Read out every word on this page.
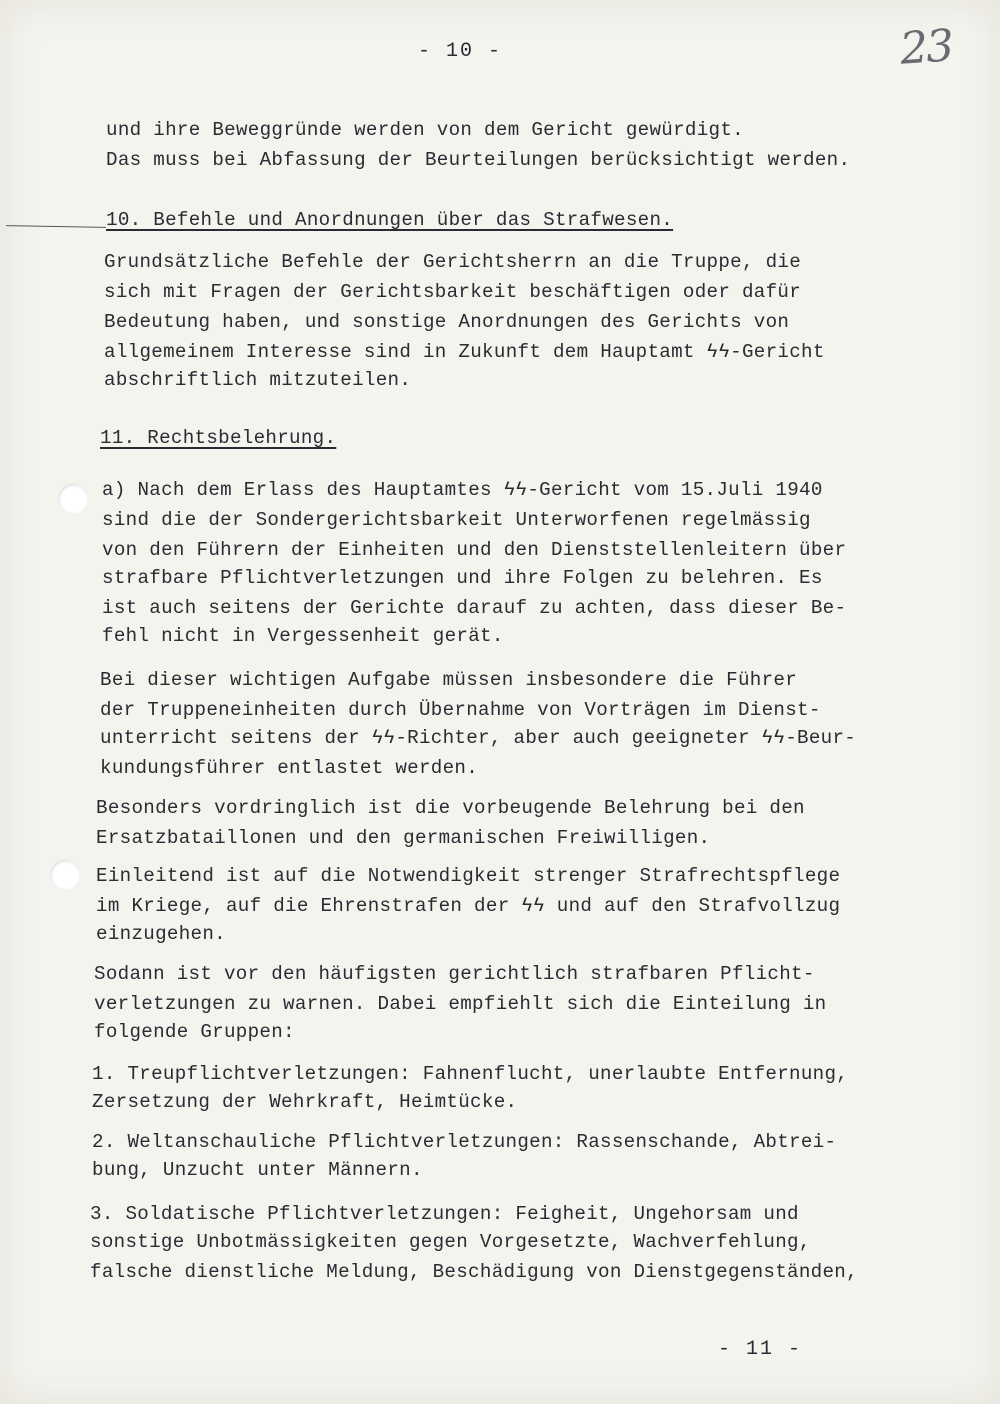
- 10 -	23
und ihre Beweggründe werden von dem Gericht gewürdigt.
Das muss bei Abfassung der Beurteilungen berücksichtigt werden.
10. Befehle und Anordnungen über das Strafwesen.
Grundsätzliche Befehle der Gerichtsherrn an die Truppe, die
sich mit Fragen der Gerichtsbarkeit beschäftigen oder dafür
Bedeutung haben, und sonstige Anordnungen des Gerichts von
allgemeinem Interesse sind in Zukunft dem Hauptamt ϟϟ-Gericht
abschriftlich mitzuteilen.
11. Rechtsbelehrung.
a) Nach dem Erlass des Hauptamtes ϟϟ-Gericht vom 15.Juli 1940
sind die der Sondergerichtsbarkeit Unterworfenen regelmässig
von den Führern der Einheiten und den Dienststellenleitern über
strafbare Pflichtverletzungen und ihre Folgen zu belehren. Es
ist auch seitens der Gerichte darauf zu achten, dass dieser Be-
fehl nicht in Vergessenheit gerät.
Bei dieser wichtigen Aufgabe müssen insbesondere die Führer
der Truppeneinheiten durch Übernahme von Vorträgen im Dienst-
unterricht seitens der ϟϟ-Richter, aber auch geeigneter ϟϟ-Beur-
kundungsführer entlastet werden.
Besonders vordringlich ist die vorbeugende Belehrung bei den
Ersatzbataillonen und den germanischen Freiwilligen.
Einleitend ist auf die Notwendigkeit strenger Strafrechtspflege
im Kriege, auf die Ehrenstrafen der ϟϟ und auf den Strafvollzug
einzugehen.
Sodann ist vor den häufigsten gerichtlich strafbaren Pflicht-
verletzungen zu warnen. Dabei empfiehlt sich die Einteilung in
folgende Gruppen:
1. Treupflichtverletzungen: Fahnenflucht, unerlaubte Entfernung,
Zersetzung der Wehrkraft, Heimtücke.
2. Weltanschauliche Pflichtverletzungen: Rassenschande, Abtrei-
bung, Unzucht unter Männern.
3. Soldatische Pflichtverletzungen: Feigheit, Ungehorsam und
sonstige Unbotmässigkeiten gegen Vorgesetzte, Wachverfehlung,
falsche dienstliche Meldung, Beschädigung von Dienstgegenständen,
- 11 -
